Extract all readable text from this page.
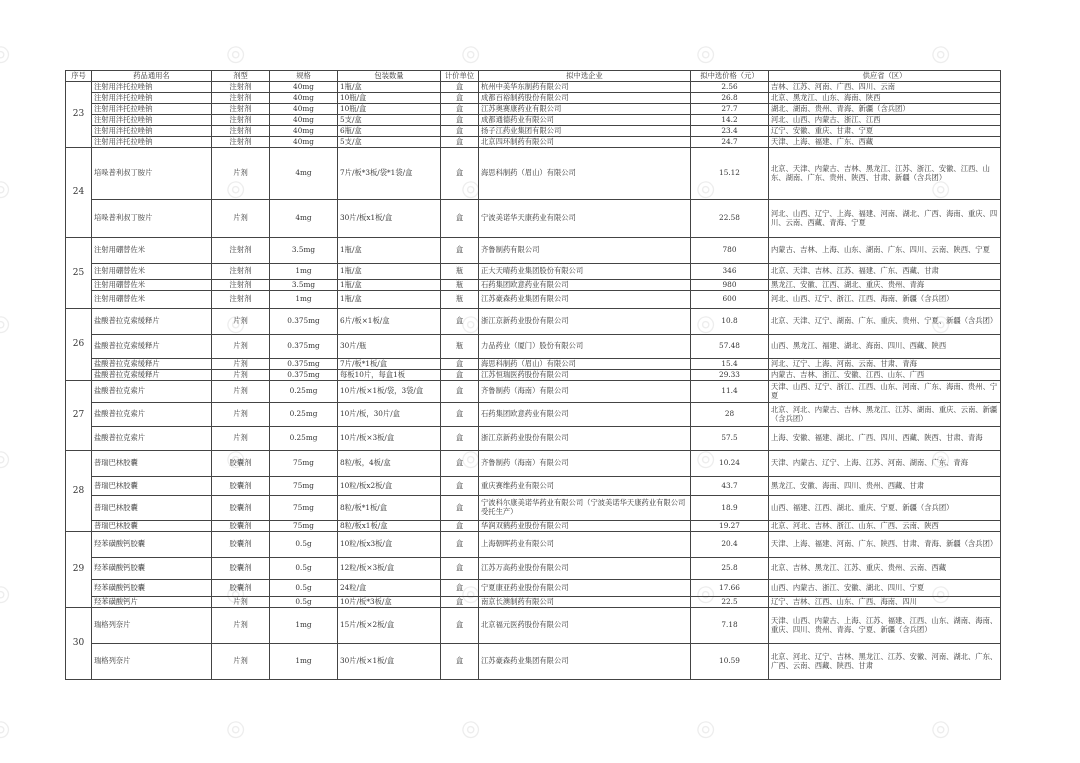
◎
◎
◎
◎
◎
◎
◎
◎
◎
◎
◎
◎
◎
◎
◎
◎
◎
◎
◎
◎
◎
◎
◎
◎
◎
◎
◎
◎
◎
◎
序号	药品通用名	剂型	规格	包装数量	计价单位	拟中选企业	拟中选价格（元）	供应省（区）
23	注射用泮托拉唑钠	注射剂	40mg	1瓶/盒	盒	杭州中美华东制药有限公司	2.56	吉林、江苏、河南、广西、四川、云南
	注射用泮托拉唑钠	注射剂	40mg	10瓶/盒	盒	成都百裕制药股份有限公司	26.8	北京、黑龙江、山东、海南、陕西
	注射用泮托拉唑钠	注射剂	40mg	10瓶/盒	盒	江苏奥赛康药业有限公司	27.7	湖北、湖南、贵州、青海、新疆（含兵团）
	注射用泮托拉唑钠	注射剂	40mg	5支/盒	盒	成都通德药业有限公司	14.2	河北、山西、内蒙古、浙江、江西
	注射用泮托拉唑钠	注射剂	40mg	6瓶/盒	盒	扬子江药业集团有限公司	23.4	辽宁、安徽、重庆、甘肃、宁夏
	注射用泮托拉唑钠	注射剂	40mg	5支/盒	盒	北京四环制药有限公司	24.7	天津、上海、福建、广东、西藏
24	培哚普利叔丁胺片	片剂	4mg	7片/板*3板/袋*1袋/盒	盒	海思科制药（眉山）有限公司	15.12	北京、天津、内蒙古、吉林、黑龙江、江苏、浙江、安徽、江西、山东、湖南、广东、贵州、陕西、甘肃、新疆（含兵团）
	培哚普利叔丁胺片	片剂	4mg	30片/板x1板/盒	盒	宁波美诺华天康药业有限公司	22.58	河北、山西、辽宁、上海、福建、河南、湖北、广西、海南、重庆、四川、云南、西藏、青海、宁夏
25	注射用硼替佐米	注射剂	3.5mg	1瓶/盒	盒	齐鲁制药有限公司	780	内蒙古、吉林、上海、山东、湖南、广东、四川、云南、陕西、宁夏
	注射用硼替佐米	注射剂	1mg	1瓶/盒	瓶	正大天晴药业集团股份有限公司	346	北京、天津、吉林、江苏、福建、广东、西藏、甘肃
	注射用硼替佐米	注射剂	3.5mg	1瓶/盒	瓶	石药集团欧意药业有限公司	980	黑龙江、安徽、江西、湖北、重庆、贵州、青海
	注射用硼替佐米	注射剂	1mg	1瓶/盒	瓶	江苏豪森药业集团有限公司	600	河北、山西、辽宁、浙江、江西、海南、新疆（含兵团）
26	盐酸普拉克索缓释片	片剂	0.375mg	6片/板×1板/盒	盒	浙江京新药业股份有限公司	10.8	北京、天津、辽宁、湖南、广东、重庆、贵州、宁夏、新疆（含兵团）
	盐酸普拉克索缓释片	片剂	0.375mg	30片/瓶	瓶	力品药业（厦门）股份有限公司	57.48	山西、黑龙江、福建、湖北、海南、四川、西藏、陕西
	盐酸普拉克索缓释片	片剂	0.375mg	7片/板*1板/盒	盒	海思科制药（眉山）有限公司	15.4	河北、辽宁、上海、河南、云南、甘肃、青海
	盐酸普拉克索缓释片	片剂	0.375mg	每板10片，每盒1板	盒	江苏恒瑞医药股份有限公司	29.33	内蒙古、吉林、浙江、安徽、江西、山东、广西
27	盐酸普拉克索片	片剂	0.25mg	10片/板×1板/袋，3袋/盒	盒	齐鲁制药（海南）有限公司	11.4	天津、山西、辽宁、浙江、江西、山东、河南、广东、海南、贵州、宁夏
	盐酸普拉克索片	片剂	0.25mg	10片/板，30片/盒	盒	石药集团欧意药业有限公司	28	北京、河北、内蒙古、吉林、黑龙江、江苏、湖南、重庆、云南、新疆（含兵团）
	盐酸普拉克索片	片剂	0.25mg	10片/板×3板/盒	盒	浙江京新药业股份有限公司	57.5	上海、安徽、福建、湖北、广西、四川、西藏、陕西、甘肃、青海
28	普瑞巴林胶囊	胶囊剂	75mg	8粒/板，4板/盒	盒	齐鲁制药（海南）有限公司	10.24	天津、内蒙古、辽宁、上海、江苏、河南、湖南、广东、青海
	普瑞巴林胶囊	胶囊剂	75mg	10粒/板x2板/盒	盒	重庆赛维药业有限公司	43.7	黑龙江、安徽、海南、四川、贵州、西藏、甘肃
	普瑞巴林胶囊	胶囊剂	75mg	8粒/板*1板/盒	盒	宁波科尔康美诺华药业有限公司（宁波美诺华天康药业有限公司受托生产）	18.9	山西、福建、江西、湖北、重庆、宁夏、新疆（含兵团）
	普瑞巴林胶囊	胶囊剂	75mg	8粒/板x1板/盒	盒	华润双鹤药业股份有限公司	19.27	北京、河北、吉林、浙江、山东、广西、云南、陕西
29	羟苯磺酸钙胶囊	胶囊剂	0.5g	10粒/板x3板/盒	盒	上海朝晖药业有限公司	20.4	天津、上海、福建、河南、广东、陕西、甘肃、青海、新疆（含兵团）
	羟苯磺酸钙胶囊	胶囊剂	0.5g	12粒/板×3板/盒	盒	江苏万高药业股份有限公司	25.8	北京、吉林、黑龙江、江苏、重庆、贵州、云南、西藏
	羟苯磺酸钙胶囊	胶囊剂	0.5g	24粒/盒	盒	宁夏康亚药业股份有限公司	17.66	山西、内蒙古、浙江、安徽、湖北、四川、宁夏
	羟苯磺酸钙片	片剂	0.5g	10片/板*3板/盒	盒	南京长澳制药有限公司	22.5	辽宁、吉林、江西、山东、广西、海南、四川
30	瑞格列奈片	片剂	1mg	15片/板×2板/盒	盒	北京福元医药股份有限公司	7.18	天津、山西、内蒙古、上海、江苏、福建、江西、山东、湖南、海南、重庆、四川、贵州、青海、宁夏、新疆（含兵团）
	瑞格列奈片	片剂	1mg	30片/板×1板/盒	盒	江苏豪森药业集团有限公司	10.59	北京、河北、辽宁、吉林、黑龙江、江苏、安徽、河南、湖北、广东、广西、云南、西藏、陕西、甘肃
